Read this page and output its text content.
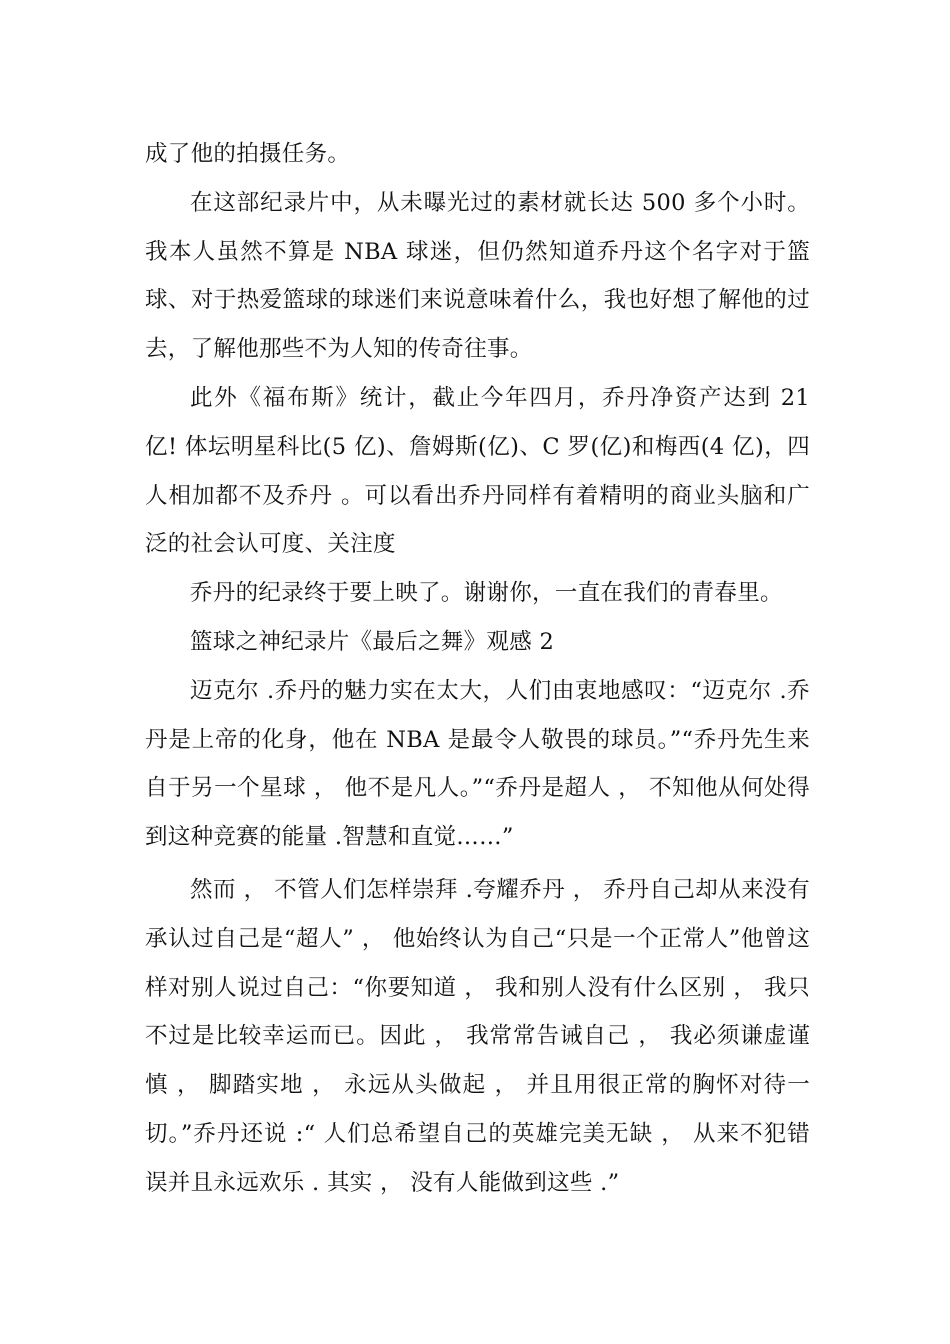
成了他的拍摄任务。

在这部纪录片中，从未曝光过的素材就长达 500 多个小时。我本人虽然不算是 NBA 球迷，但仍然知道乔丹这个名字对于篮球、对于热爱篮球的球迷们来说意味着什么，我也好想了解他的过去，了解他那些不为人知的传奇往事。

此外《福布斯》统计，截止今年四月，乔丹净资产达到 21 亿! 体坛明星科比(5 亿)、詹姆斯(亿)、C 罗(亿)和梅西(4 亿)，四人相加都不及乔丹 。可以看出乔丹同样有着精明的商业头脑和广泛的社会认可度、关注度

乔丹的纪录终于要上映了。谢谢你，一直在我们的青春里。

篮球之神纪录片《最后之舞》观感 2

迈克尔 .乔丹的魅力实在太大，人们由衷地感叹：“迈克尔 .乔丹是上帝的化身，他在 NBA 是最令人敬畏的球员。”“乔丹先生来自于另一个星球 ， 他不是凡人。”“乔丹是超人 ， 不知他从何处得到这种竞赛的能量 .智慧和直觉……”

然而 ， 不管人们怎样崇拜 .夸耀乔丹 ， 乔丹自己却从来没有承认过自己是“超人” ， 他始终认为自己“只是一个正常人”他曾这样对别人说过自己：“你要知道 ， 我和别人没有什么区别 ， 我只不过是比较幸运而已。因此 ， 我常常告诫自己 ， 我必须谦虚谨慎 ， 脚踏实地 ， 永远从头做起 ， 并且用很正常的胸怀对待一切。”乔丹还说 :“ 人们总希望自己的英雄完美无缺 ， 从来不犯错误并且永远欢乐 . 其实 ， 没有人能做到这些 .”
